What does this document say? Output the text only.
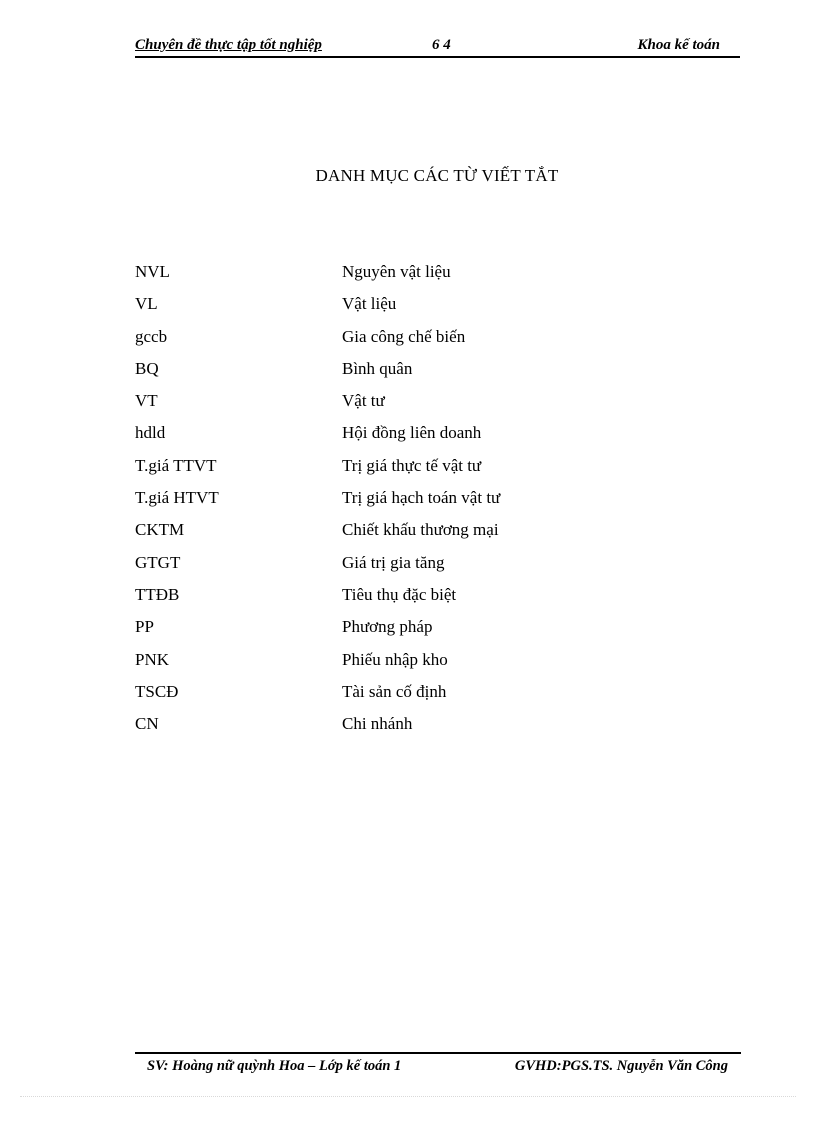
Chuyên đề thực tập tốt nghiệp	6 4	Khoa kế toán
DANH MỤC CÁC TỪ VIẾT TẮT
NVL	Nguyên vật liệu
VL	Vật liệu
gccb	Gia công chế biến
BQ	Bình quân
VT	Vật tư
hdld	Hội đồng liên doanh
T.giá TTVT	Trị giá thực tế vật tư
T.giá HTVT	Trị giá hạch toán vật tư
CKTM	Chiết khấu thương mại
GTGT	Giá trị gia tăng
TTĐB	Tiêu thụ đặc biệt
PP	Phương pháp
PNK	Phiếu nhập kho
TSCĐ	Tài sản cố định
CN	Chi nhánh
SV: Hoàng nữ quỳnh Hoa – Lớp kế toán 1	GVHD:PGS.TS. Nguyễn Văn Công
